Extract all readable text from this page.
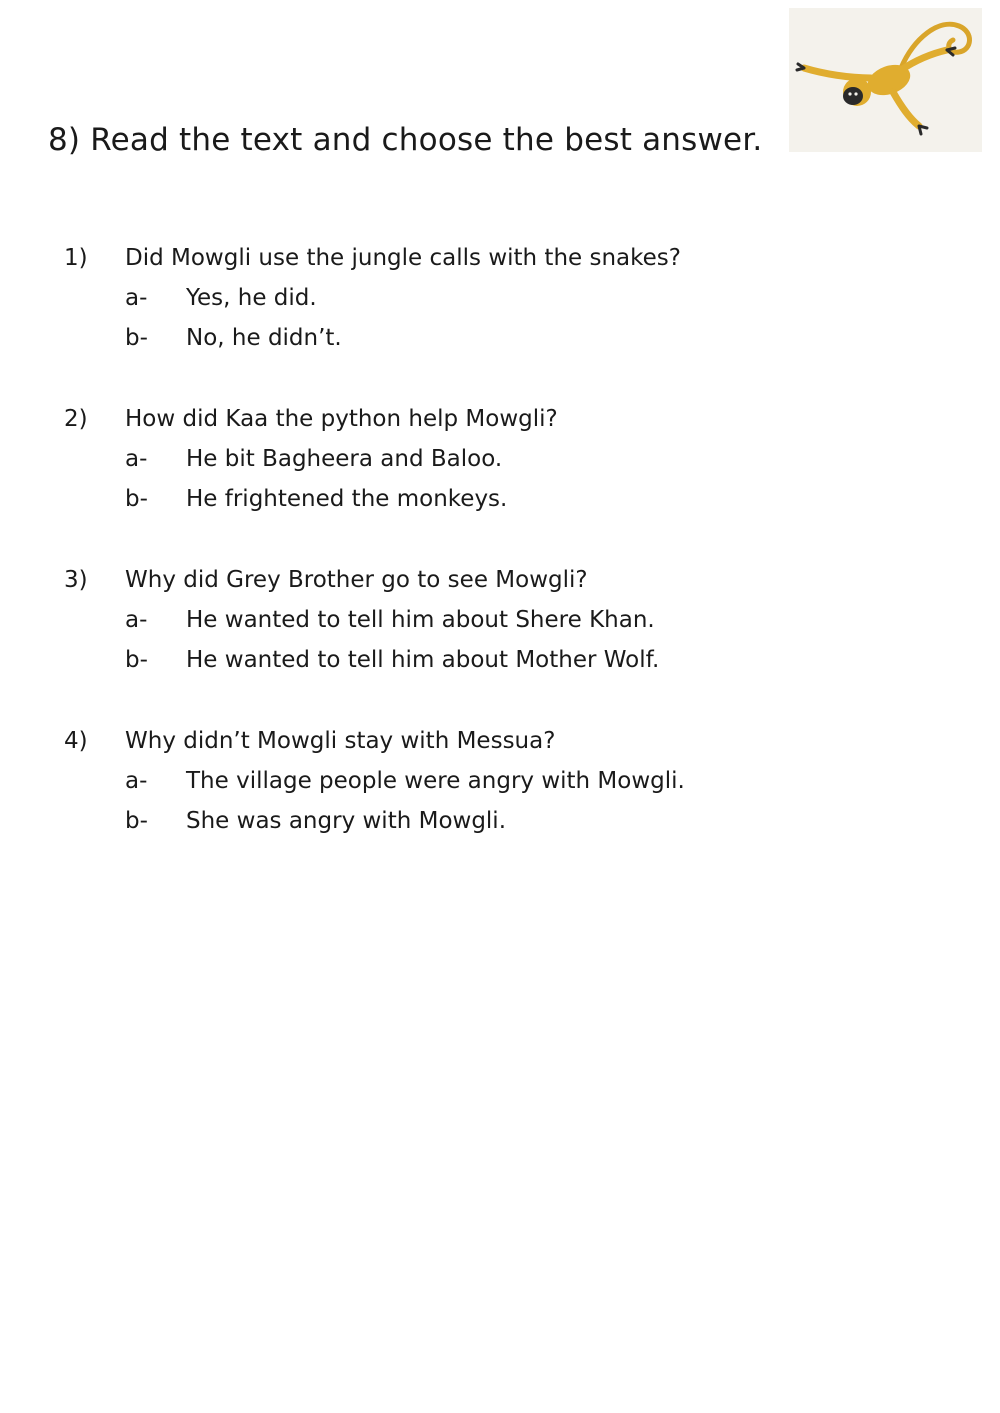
8) Read the text and choose the best answer.
1) Did Mowgli use the jungle calls with the snakes?
a- Yes, he did.
b- No, he didn’t.
2) How did Kaa the python help Mowgli?
a- He bit Bagheera and Baloo.
b- He frightened the monkeys.
3) Why did Grey Brother go to see Mowgli?
a- He wanted to tell him about Shere Khan.
b- He wanted to tell him about Mother Wolf.
4) Why didn’t Mowgli stay with Messua?
a- The village people were angry with Mowgli.
b- She was angry with Mowgli.
